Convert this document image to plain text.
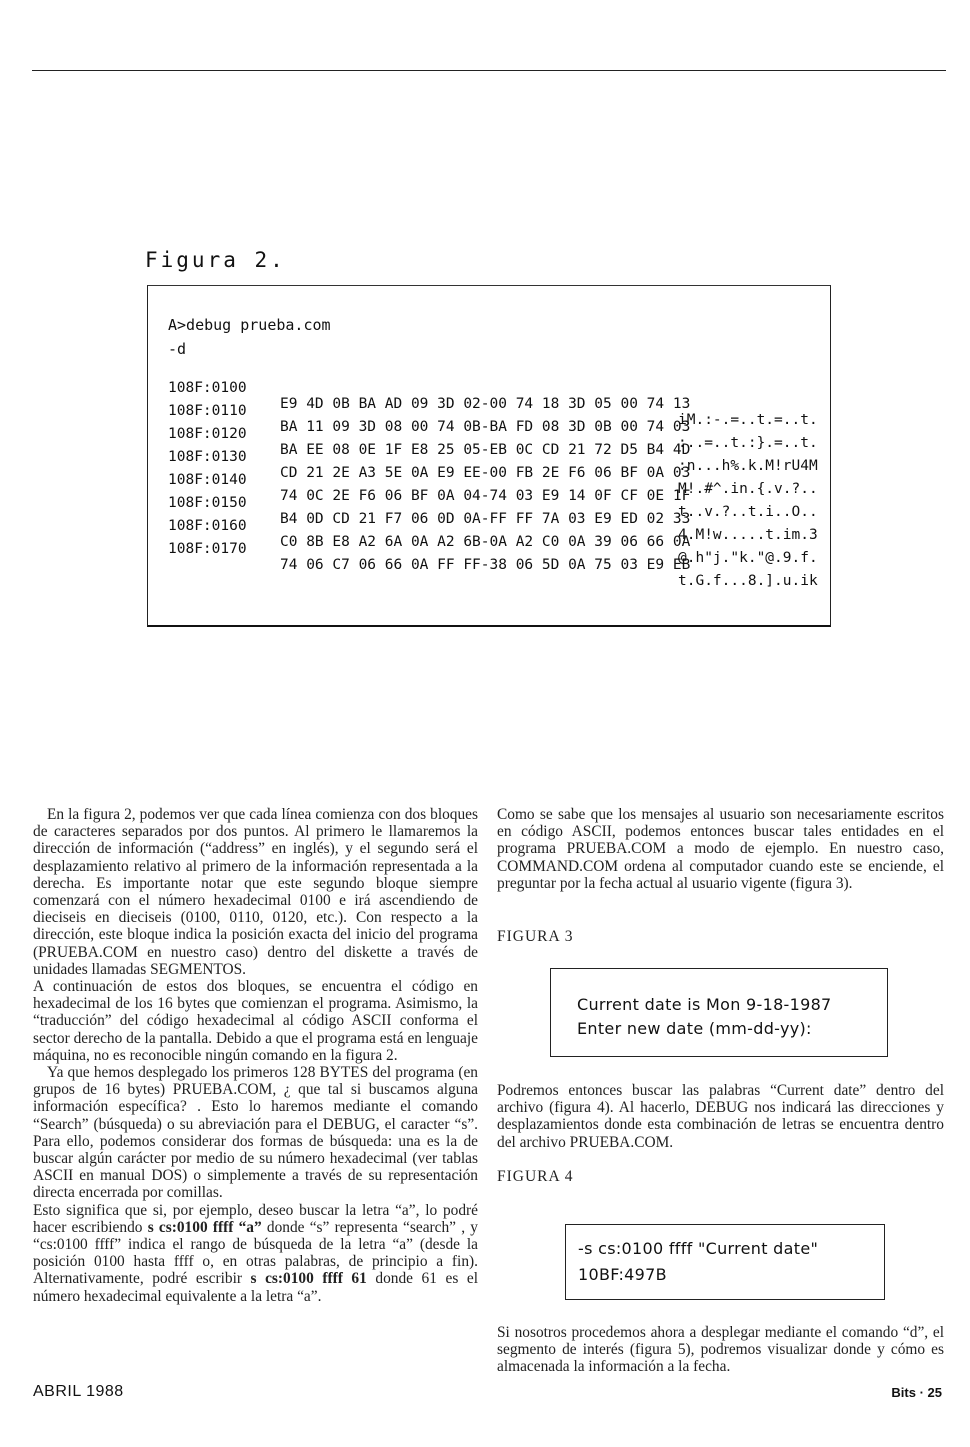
Figura 2.
A>debug prueba.com
-d

108F:0100

E9 4D 0B BA AD 09 3D 02-00 74 18 3D 05 00 74 13

iM.:-.=..t.=..t.

108F:0110

BA 11 09 3D 08 00 74 0B-BA FD 08 3D 0B 00 74 03

:..=..t.:}.=..t.

108F:0120

BA EE 08 0E 1F E8 25 05-EB 0C CD 21 72 D5 B4 4D

:n...h%.k.M!rU4M

108F:0130

CD 21 2E A3 5E 0A E9 EE-00 FB 2E F6 06 BF 0A 03

M!.#^.in.{.v.?..

108F:0140

74 0C 2E F6 06 BF 0A 04-74 03 E9 14 0F CF 0E 1F

t..v.?..t.i..O..

108F:0150

B4 0D CD 21 F7 06 0D 0A-FF FF 7A 03 E9 ED 02 33

4.M!w.....t.im.3

108F:0160

C0 8B E8 A2 6A 0A A2 6B-0A A2 C0 0A 39 06 66 0A

@.h"j."k."@.9.f.

108F:0170

74 06 C7 06 66 0A FF FF-38 06 5D 0A 75 03 E9 EB

t.G.f...8.].u.ik

En la figura 2, podemos ver que cada línea comienza con dos bloques de caracteres separados por dos puntos. Al primero le llamaremos la dirección de información (“address” en inglés), y el segundo será el desplazamiento relativo al primero de la información representada a la derecha. Es importante notar que este segundo bloque siempre comenzará con el número hexadecimal 0100 e irá ascendiendo de dieciseis en dieciseis (0100, 0110, 0120, etc.). Con respecto a la dirección, este bloque indica la posición exacta del inicio del programa (PRUEBA.COM en nuestro caso) dentro del diskette a través de unidades llamadas SEGMENTOS.

A continuación de estos dos bloques, se encuentra el código en hexadecimal de los 16 bytes que comienzan el programa. Asimismo, la “traducción” del código hexadecimal al código ASCII conforma el sector derecho de la pantalla. Debido a que el programa está en lenguaje máquina, no es reconocible ningún comando en la figura 2.

Ya que hemos desplegado los primeros 128 BYTES del programa (en grupos de 16 bytes) PRUEBA.COM, ¿ que tal si buscamos alguna información específica? . Esto lo haremos mediante el comando “Search” (búsqueda) o su abreviación para el DEBUG, el caracter “s”. Para ello, podemos considerar dos formas de búsqueda: una es la de buscar algún carácter por medio de su número hexadecimal (ver tablas ASCII en manual DOS) o simplemente a través de su representación directa encerrada por comillas.

Esto significa que si, por ejemplo, deseo buscar la letra “a”, lo podré hacer escribiendo s cs:0100 ffff “a” donde “s” representa “search” , y “cs:0100 ffff” indica el rango de búsqueda de la letra “a” (desde la posición 0100 hasta ffff o, en otras palabras, de principio a fin). Alternativamente, podré escribir s cs:0100 ffff 61 donde 61 es el número hexadecimal equivalente a la letra “a”.

Como se sabe que los mensajes al usuario son necesariamente escritos en código ASCII, podemos entonces buscar tales entidades en el programa PRUEBA.COM a modo de ejemplo. En nuestro caso, COMMAND.COM ordena al computador cuando este se enciende, el preguntar por la fecha actual al usuario vigente (figura 3).

FIGURA 3
Current date is Mon 9-18-1987
Enter new date (mm-dd-yy):
Podremos entonces buscar las palabras “Current date” dentro del archivo (figura 4). Al hacerlo, DEBUG nos indicará las direcciones y desplazamientos donde esta combinación de letras se encuentra dentro del archivo PRUEBA.COM.
FIGURA 4
-s cs:0100 ffff "Current date"
10BF:497B
Si nosotros procedemos ahora a desplegar mediante el comando “d”, el segmento de interés (figura 5), podremos visualizar donde y cómo es almacenada la información a la fecha.
ABRIL 1988	Bits · 25
